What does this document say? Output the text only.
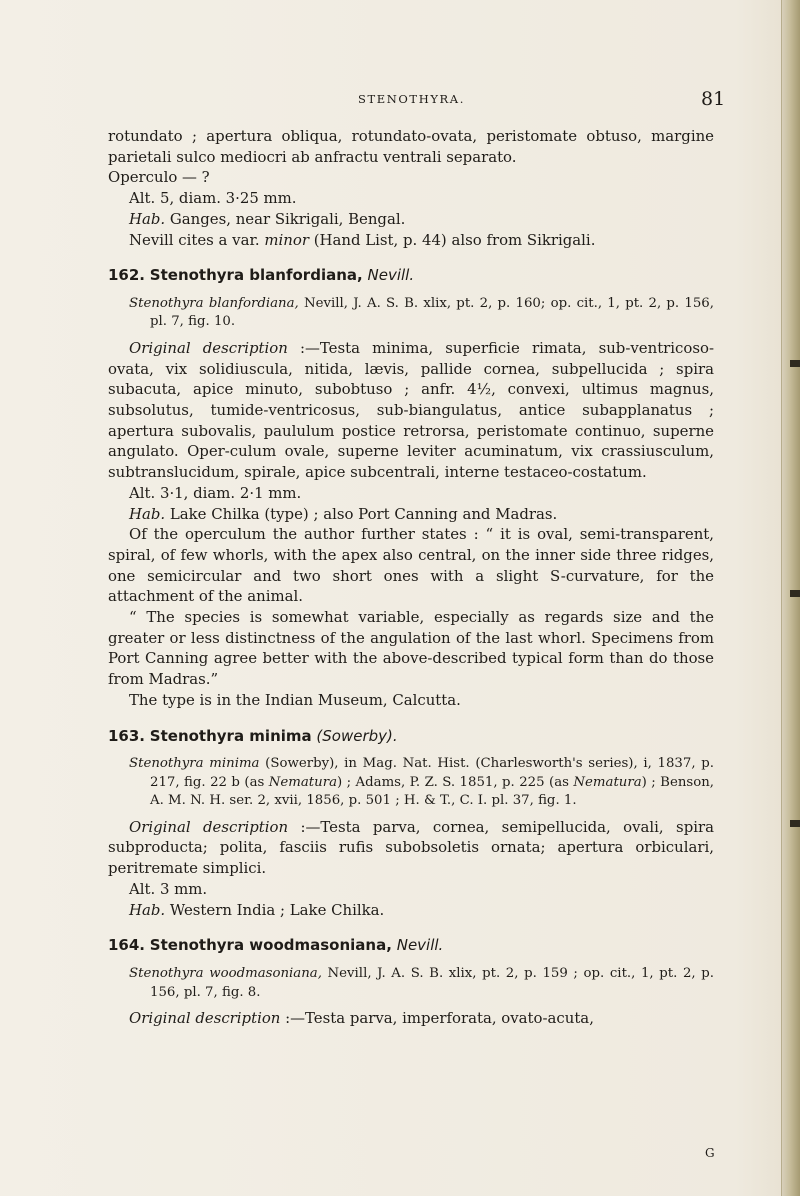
STENOTHYRA.	81

rotundato ; apertura obliqua, rotundato-ovata, peristomate obtuso, margine parietali sulco mediocri ab anfractu ventrali separato.

Operculo — ?

Alt. 5, diam. 3·25 mm.

Hab. Ganges, near Sikrigali, Bengal.

Nevill cites a var. minor (Hand List, p. 44) also from Sikrigali.

162. Stenothyra blanfordiana, Nevill.

Stenothyra blanfordiana, Nevill, J. A. S. B. xlix, pt. 2, p. 160; op. cit., 1, pt. 2, p. 156, pl. 7, fig. 10.

Original description :—Testa minima, superficie rimata, sub-ventricoso-ovata, vix solidiuscula, nitida, lævis, pallide cornea, subpellucida ; spira subacuta, apice minuto, subobtuso ; anfr. 4½, convexi, ultimus magnus, subsolutus, tumide-ventricosus, sub-biangulatus, antice subapplanatus ; apertura subovalis, paululum postice retrorsa, peristomate continuo, superne angulato. Oper-culum ovale, superne leviter acuminatum, vix crassiusculum, subtranslucidum, spirale, apice subcentrali, interne testaceo-costatum.

Alt. 3·1, diam. 2·1 mm.

Hab. Lake Chilka (type) ; also Port Canning and Madras.

Of the operculum the author further states : “ it is oval, semi-transparent, spiral, of few whorls, with the apex also central, on the inner side three ridges, one semicircular and two short ones with a slight S-curvature, for the attachment of the animal.

“ The species is somewhat variable, especially as regards size and the greater or less distinctness of the angulation of the last whorl. Specimens from Port Canning agree better with the above-described typical form than do those from Madras.”

The type is in the Indian Museum, Calcutta.

163. Stenothyra minima (Sowerby).

Stenothyra minima (Sowerby), in Mag. Nat. Hist. (Charlesworth's series), i, 1837, p. 217, fig. 22 b (as Nematura) ; Adams, P. Z. S. 1851, p. 225 (as Nematura) ; Benson, A. M. N. H. ser. 2, xvii, 1856, p. 501 ; H. & T., C. I. pl. 37, fig. 1.

Original description :—Testa parva, cornea, semipellucida, ovali, spira subproducta; polita, fasciis rufis subobsoletis ornata; apertura orbiculari, peritremate simplici.

Alt. 3 mm.

Hab. Western India ; Lake Chilka.

164. Stenothyra woodmasoniana, Nevill.

Stenothyra woodmasoniana, Nevill, J. A. S. B. xlix, pt. 2, p. 159 ; op. cit., 1, pt. 2, p. 156, pl. 7, fig. 8.

Original description :—Testa parva, imperforata, ovato-acuta,

G
